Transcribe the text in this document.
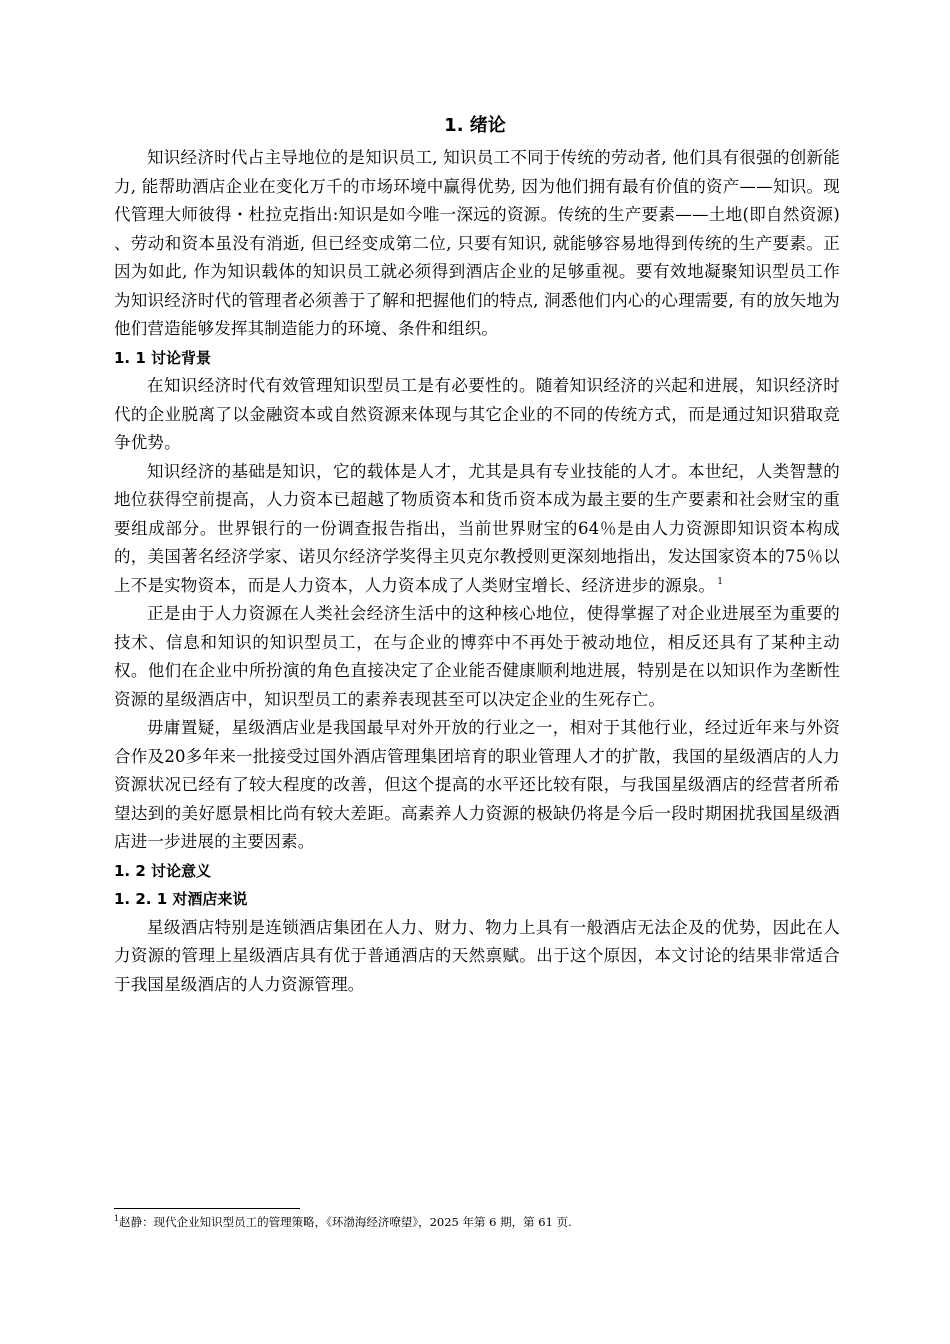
1. 绪论

知识经济时代占主导地位的是知识员工, 知识员工不同于传统的劳动者, 他们具有很强的创新能力, 能帮助酒店企业在变化万千的市场环境中赢得优势, 因为他们拥有最有价值的资产——知识。现代管理大师彼得・杜拉克指出:知识是如今唯一深远的资源。传统的生产要素——土地(即自然资源) 、劳动和资本虽没有消逝, 但已经变成第二位, 只要有知识, 就能够容易地得到传统的生产要素。正因为如此, 作为知识载体的知识员工就必须得到酒店企业的足够重视。要有效地凝聚知识型员工作为知识经济时代的管理者必须善于了解和把握他们的特点, 洞悉他们内心的心理需要, 有的放矢地为他们营造能够发挥其制造能力的环境、条件和组织。

1. 1 讨论背景

在知识经济时代有效管理知识型员工是有必要性的。随着知识经济的兴起和进展，知识经济时代的企业脱离了以金融资本或自然资源来体现与其它企业的不同的传统方式，而是通过知识猎取竞争优势。

知识经济的基础是知识，它的载体是人才，尤其是具有专业技能的人才。本世纪，人类智慧的地位获得空前提高，人力资本已超越了物质资本和货币资本成为最主要的生产要素和社会财宝的重要组成部分。世界银行的一份调查报告指出，当前世界财宝的64％是由人力资源即知识资本构成的，美国著名经济学家、诺贝尔经济学奖得主贝克尔教授则更深刻地指出，发达国家资本的75％以上不是实物资本，而是人力资本，人力资本成了人类财宝增长、经济进步的源泉。 $^1$

正是由于人力资源在人类社会经济生活中的这种核心地位，使得掌握了对企业进展至为重要的技术、信息和知识的知识型员工，在与企业的博弈中不再处于被动地位，相反还具有了某种主动权。他们在企业中所扮演的角色直接决定了企业能否健康顺利地进展，特别是在以知识作为垄断性资源的星级酒店中，知识型员工的素养表现甚至可以决定企业的生死存亡。

毋庸置疑，星级酒店业是我国最早对外开放的行业之一，相对于其他行业，经过近年来与外资合作及20多年来一批接受过国外酒店管理集团培育的职业管理人才的扩散，我国的星级酒店的人力资源状况已经有了较大程度的改善，但这个提高的水平还比较有限，与我国星级酒店的经营者所希望达到的美好愿景相比尚有较大差距。高素养人力资源的极缺仍将是今后一段时期困扰我国星级酒店进一步进展的主要因素。

1. 2 讨论意义
1. 2. 1 对酒店来说

星级酒店特别是连锁酒店集团在人力、财力、物力上具有一般酒店无法企及的优势，因此在人力资源的管理上星级酒店具有优于普通酒店的天然禀赋。出于这个原因，本文讨论的结果非常适合于我国星级酒店的人力资源管理。

$^1$赵静：现代企业知识型员工的管理策略，《环渤海经济嘹望》，2025 年第 6 期，第 61 页.
